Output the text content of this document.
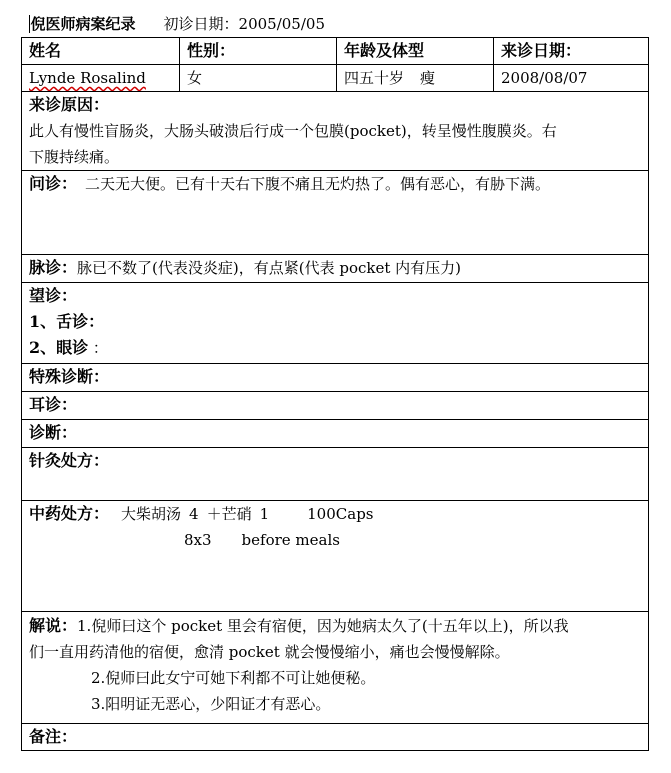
倪医师病案纪录 初诊日期：2005/05/05			
姓名	性别：	年龄及体型	来诊日期：
Lynde Rosalind	女	四五十岁 瘦	2008/08/07

来诊原因：
此人有慢性盲肠炎，大肠头破溃后行成一个包膜(pocket)，转呈慢性腹膜炎。右
下腹持续痛。			

问诊： 二天无大便。已有十天右下腹不痛且无灼热了。偶有恶心，有胁下满。			
脉诊：脉已不数了(代表没炎症)，有点紧(代表 pocket 内有压力)			

望诊：
1、舌诊：
2、眼诊 ：			

特殊诊断：			
耳诊：			
诊断：			
针灸处方：			

中药处方： 大柴胡汤 4 ＋芒硝 1 100Caps
8x3 before meals			

解说：1.倪师曰这个 pocket 里会有宿便，因为她病太久了(十五年以上)，所以我
们一直用药清他的宿便，愈清 pocket 就会慢慢缩小，痛也会慢慢解除。
2.倪师曰此女宁可她下利都不可让她便秘。
3.阳明证无恶心，少阳证才有恶心。			

备注：			
